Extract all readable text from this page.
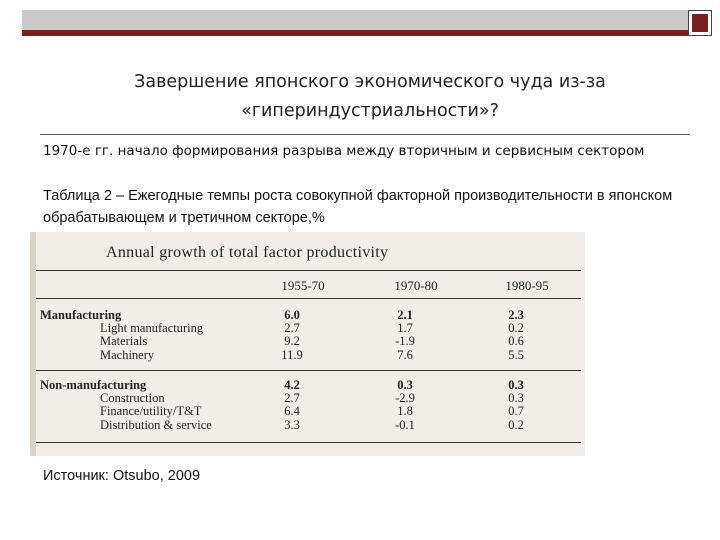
Завершение японского экономического чуда из-за
«гипериндустриальности»?
1970-е гг. начало формирования разрыва между вторичным и сервисным сектором
Таблица 2 – Ежегодные темпы роста совокупной факторной производительности в японском обрабатывающем и третичном секторе,%
Annual growth of total factor productivity
1955-70	1970-80	1980-95
Manufacturing	6.0	2.1	2.3
Light manufacturing	2.7	1.7	0.2
Materials	9.2	-1.9	0.6
Machinery	11.9	7.6	5.5
Non-manufacturing	4.2	0.3	0.3
Construction	2.7	-2.9	0.3
Finance/utility/T&T	6.4	1.8	0.7
Distribution & service	3.3	-0.1	0.2
Источник: Otsubo, 2009
